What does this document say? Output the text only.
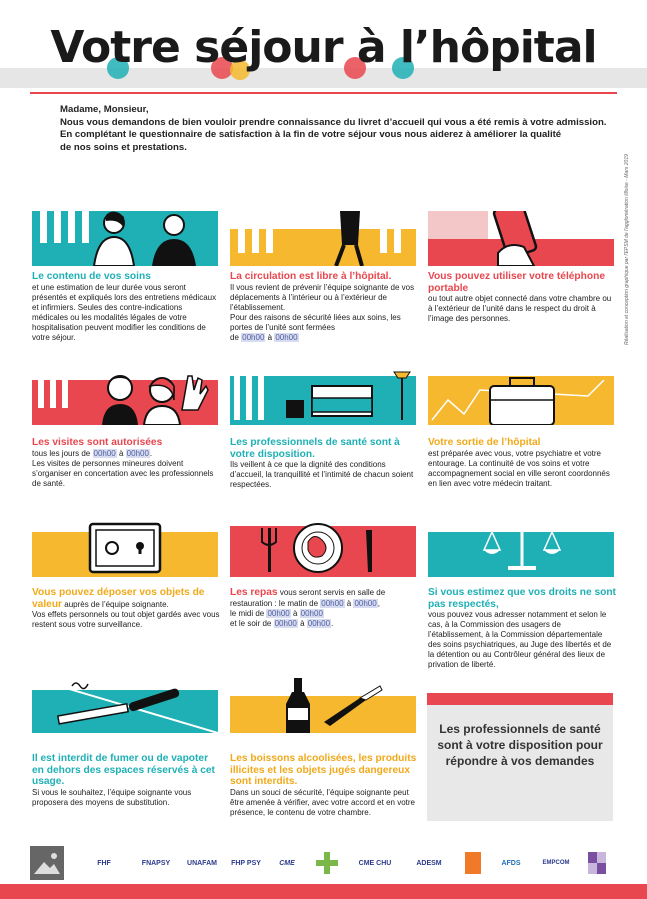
Votre séjour à l’hôpital

Madame, Monsieur,

Nous vous demandons de bien vouloir prendre connaissance du livret d’accueil qui vous a été remis à votre admission.

En complétant le questionnaire de satisfaction à la fin de votre séjour vous nous aiderez à améliorer la qualité

de nos soins et prestations.

Réalisation et conception graphique par l'EPSM de l'agglomération lilloise - Mars 2019
Le contenu de vos soins
et une estimation de leur durée vous seront présentés et expliqués lors des entretiens médicaux et infirmiers. Seules des contre-indications médicales ou les modalités légales de votre hospitalisation peuvent modifier les conditions de votre séjour.
La circulation est libre à l’hôpital.
Il vous revient de prévenir l’équipe soignante de vos déplacements à l’intérieur ou à l’extérieur de l’établissement.
Pour des raisons de sécurité liées aux soins, les portes de l’unité sont fermées
de 00h00 à 00h00
Vous pouvez utiliser votre téléphone portable
ou tout autre objet connecté dans votre chambre ou à l’extérieur de l’unité dans le respect du droit à l’image des personnes.
Les visites sont autorisées
tous les jours de 00h00 à 00h00.
Les visites de personnes mineures doivent s’organiser en concertation avec les professionnels de santé.
Les professionnels de santé sont à votre disposition.
Ils veillent à ce que la dignité des conditions d’accueil, la tranquillité et l’intimité de chacun soient respectées.
Votre sortie de l’hôpital
est préparée avec vous, votre psychiatre et votre entourage. La continuité de vos soins et votre accompagnement social en ville seront coordonnés en lien avec votre médecin traitant.
Vous pouvez déposer vos objets de valeur auprès de l’équipe soignante.
Vos effets personnels ou tout objet gardés avec vous restent sous votre surveillance.
Les repas vous seront servis en salle de restauration : le matin de 00h00 à 00h00,
le midi de 00h00 à 00h00
et le soir de 00h00 à 00h00.
Si vous estimez que vos droits ne sont pas respectés,
vous pouvez vous adresser notamment et selon le cas, à la Commission des usagers de l’établissement, à la Commission départementale des soins psychiatriques, au Juge des libertés et de la détention ou au Contrôleur général des lieux de privation de liberté.
Il est interdit de fumer ou de vapoter en dehors des espaces réservés à cet usage.
Si vous le souhaitez, l’équipe soignante vous proposera des moyens de substitution.
Les boissons alcoolisées, les produits illicites et les objets jugés dangereux sont interdits.
Dans un souci de sécurité, l’équipe soignante peut être amenée à vérifier, avec votre accord et en votre présence, le contenu de votre chambre.
Les professionnels de santé sont à votre disposition pour répondre à vos demandes
FHF	FNAPSY	UNAFAM	FHP PSY	CME	CME CHU	ADESM	AFDS	EMPCOM
